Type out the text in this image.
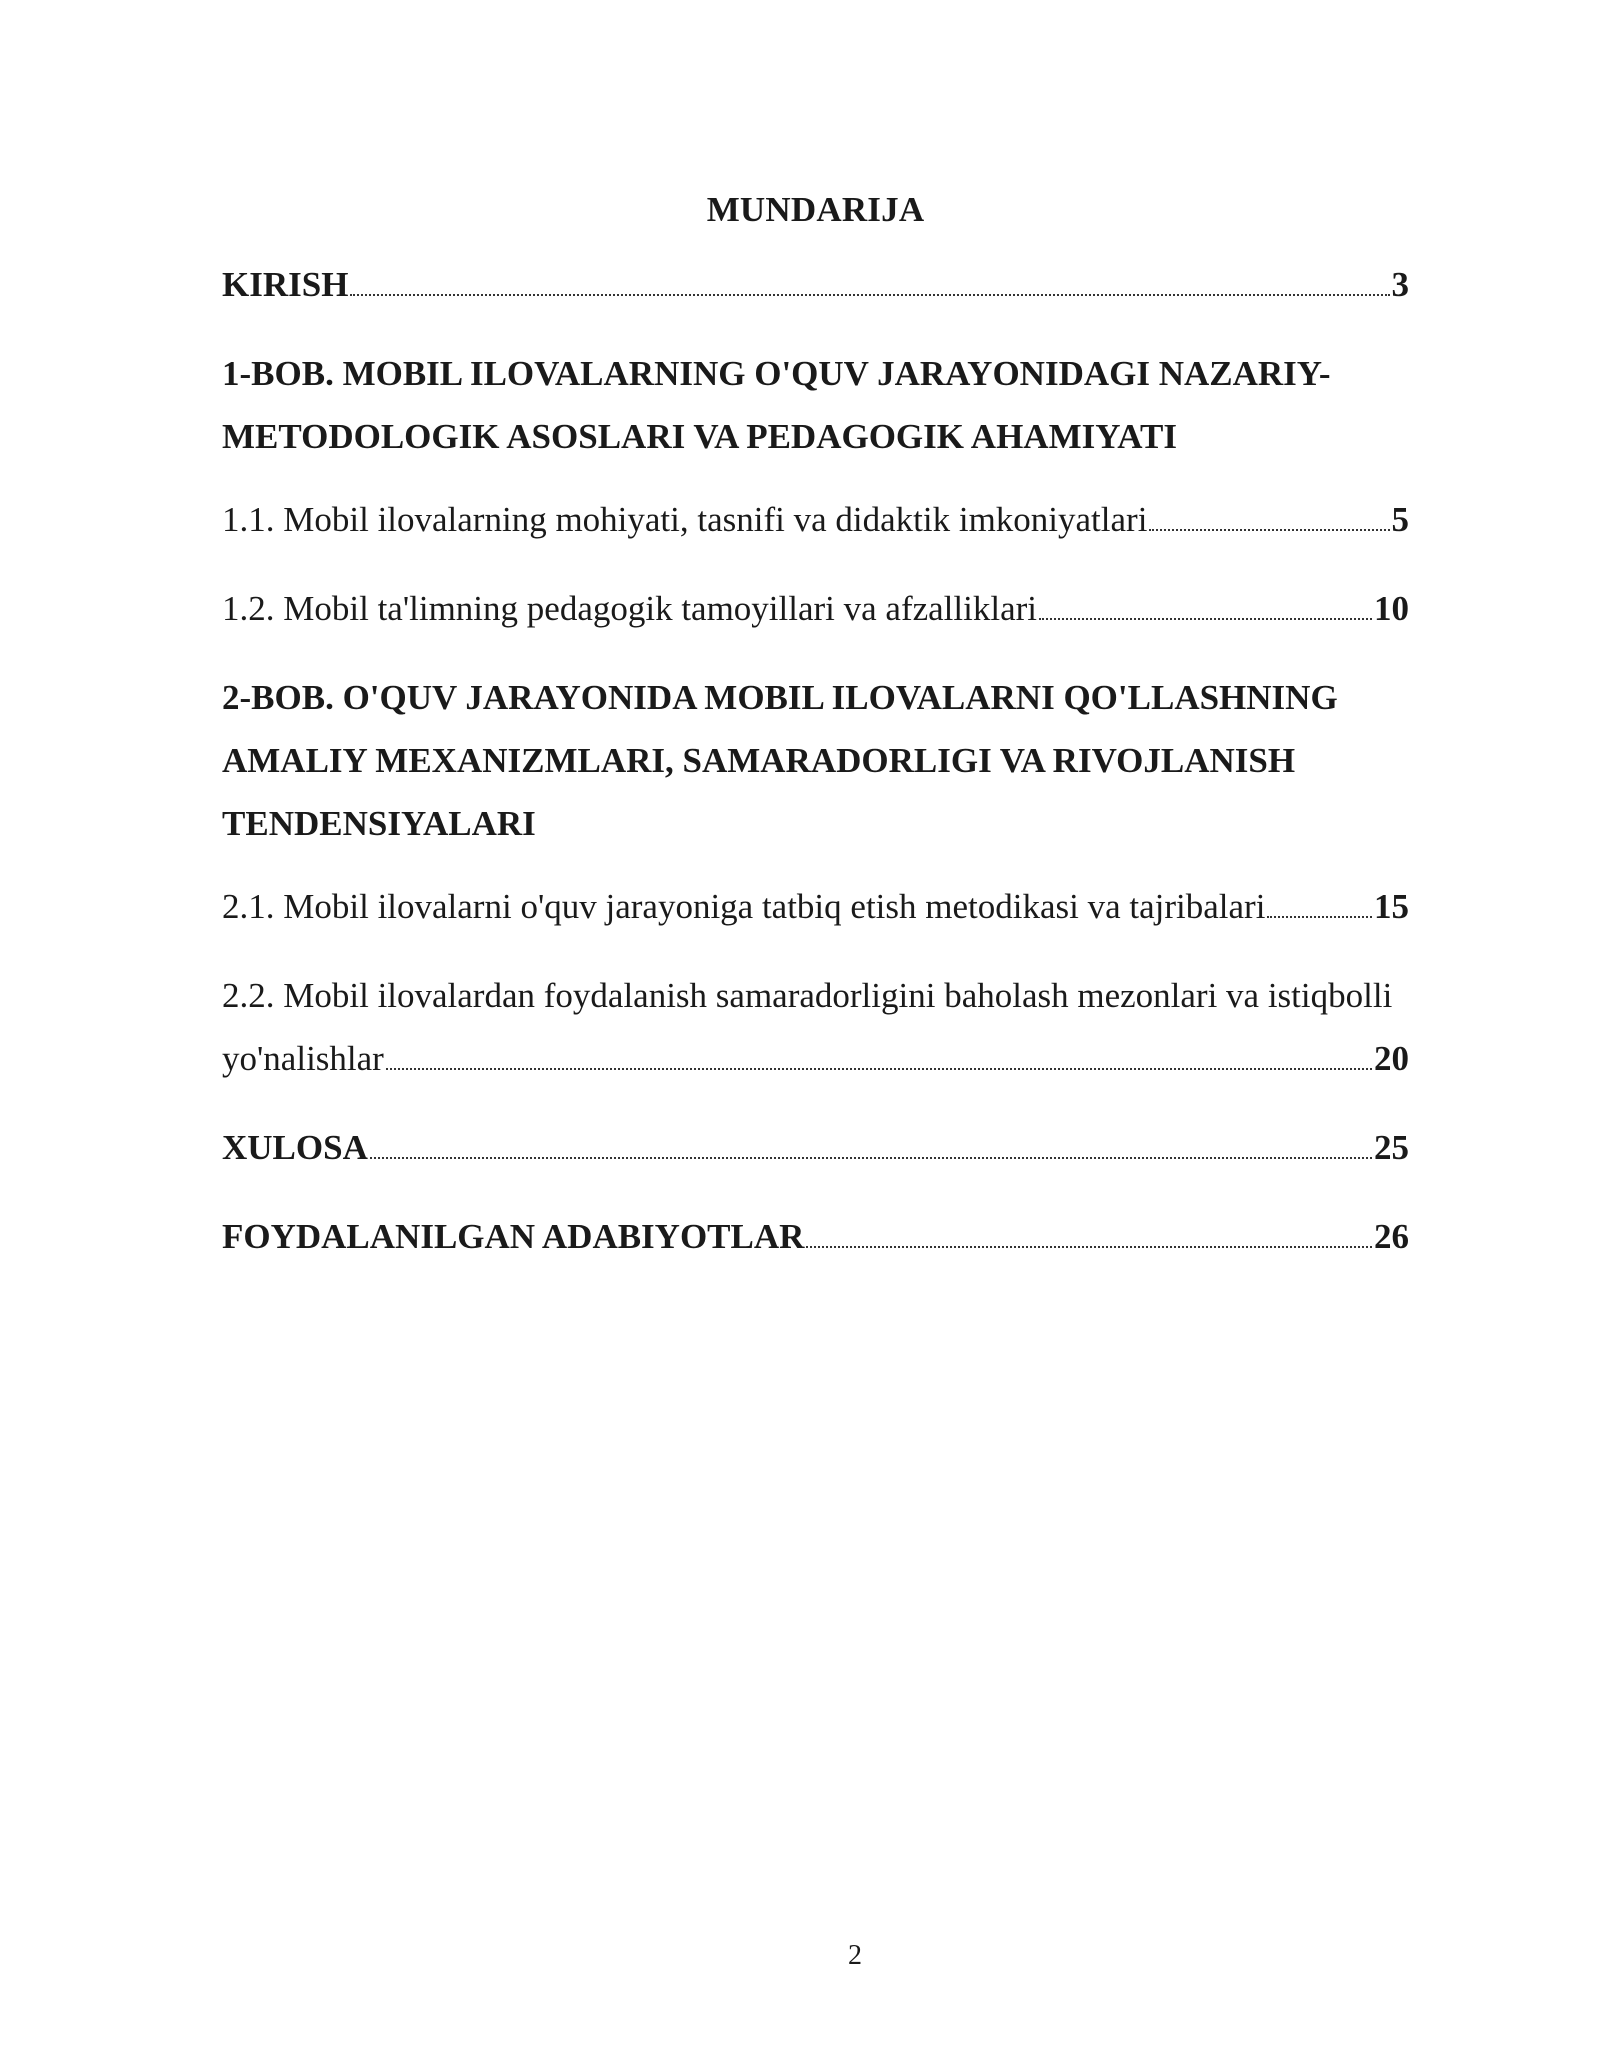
MUNDARIJA
KIRISH	3
1-BOB. MOBIL ILOVALARNING O'QUV JARAYONIDAGI NAZARIY-
METODOLOGIK ASOSLARI VA PEDAGOGIK AHAMIYATI
1.1. Mobil ilovalarning mohiyati, tasnifi va didaktik imkoniyatlari	5
1.2. Mobil ta'limning pedagogik tamoyillari va afzalliklari	10
2-BOB. O'QUV JARAYONIDA MOBIL ILOVALARNI QO'LLASHNING
AMALIY MEXANIZMLARI, SAMARADORLIGI VA RIVOJLANISH
TENDENSIYALARI
2.1. Mobil ilovalarni o'quv jarayoniga tatbiq etish metodikasi va tajribalari	15
2.2. Mobil ilovalardan foydalanish samaradorligini baholash mezonlari va istiqbolli
yo'nalishlar	20
XULOSA	25
FOYDALANILGAN ADABIYOTLAR	26
2
